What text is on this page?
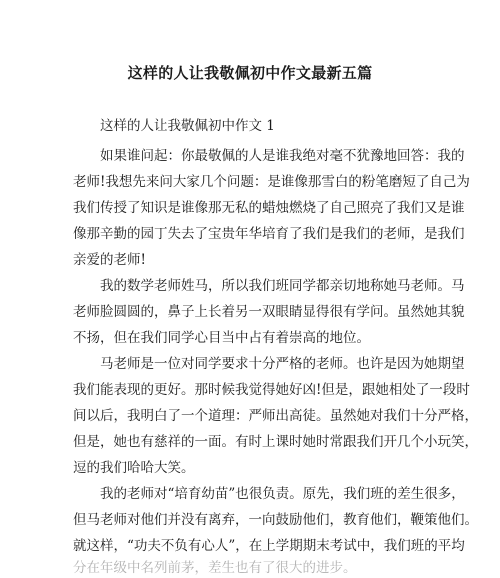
这样的人让我敬佩初中作文最新五篇
这样的人让我敬佩初中作文 1
如果谁问起：你最敬佩的人是谁我绝对毫不犹豫地回答：我的
老师!我想先来问大家几个问题：是谁像那雪白的粉笔磨短了自己为
我们传授了知识是谁像那无私的蜡烛燃烧了自己照亮了我们又是谁
像那辛勤的园丁失去了宝贵年华培育了我们是我们的老师，是我们
亲爱的老师!
我的数学老师姓马，所以我们班同学都亲切地称她马老师。马
老师脸圆圆的，鼻子上长着另一双眼睛显得很有学问。虽然她其貌
不扬，但在我们同学心目当中占有着崇高的地位。
马老师是一位对同学要求十分严格的老师。也许是因为她期望
我们能表现的更好。那时候我觉得她好凶!但是，跟她相处了一段时
间以后，我明白了一个道理：严师出高徒。虽然她对我们十分严格，
但是，她也有慈祥的一面。有时上课时她时常跟我们开几个小玩笑，
逗的我们哈哈大笑。
我的老师对“培育幼苗”也很负责。原先，我们班的差生很多，
但马老师对他们并没有离弃，一向鼓励他们，教育他们，鞭策他们。
就这样，“功夫不负有心人”，在上学期期末考试中，我们班的平均
分在年级中名列前茅，差生也有了很大的进步。
